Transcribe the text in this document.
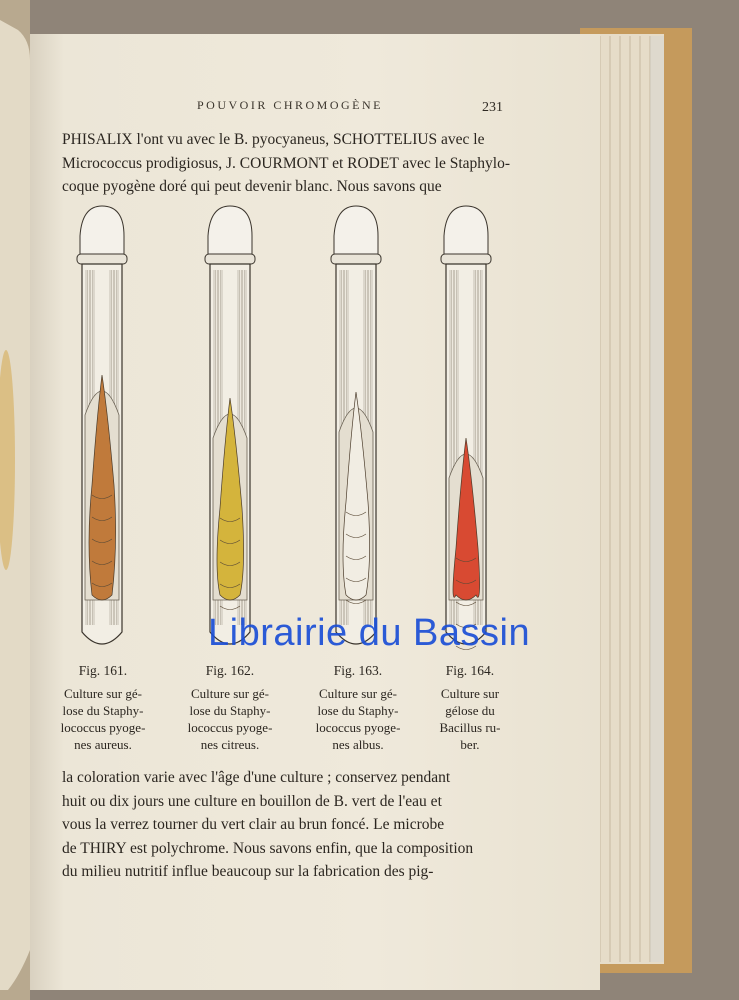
POUVOIR CHROMOGÈNE	231
PHISALIX l'ont vu avec le B. pyocyaneus, SCHOTTELIUS avec le
Micrococcus prodigiosus, J. COURMONT et RODET avec le Staphylo-
coque pyogène doré qui peut devenir blanc. Nous savons que
Fig. 161.
Culture sur gé-
lose du Staphy-
lococcus pyoge-
nes aureus.
Fig. 162.
Culture sur gé-
lose du Staphy-
lococcus pyoge-
nes citreus.
Fig. 163.
Culture sur gé-
lose du Staphy-
lococcus pyoge-
nes albus.
Fig. 164.
Culture sur
gélose du
Bacillus ru-
ber.
la coloration varie avec l'âge d'une culture ; conservez pendant
huit ou dix jours une culture en bouillon de B. vert de l'eau et
vous la verrez tourner du vert clair au brun foncé. Le microbe
de THIRY est polychrome. Nous savons enfin, que la composition
du milieu nutritif influe beaucoup sur la fabrication des pig-
Librairie du Bassin
